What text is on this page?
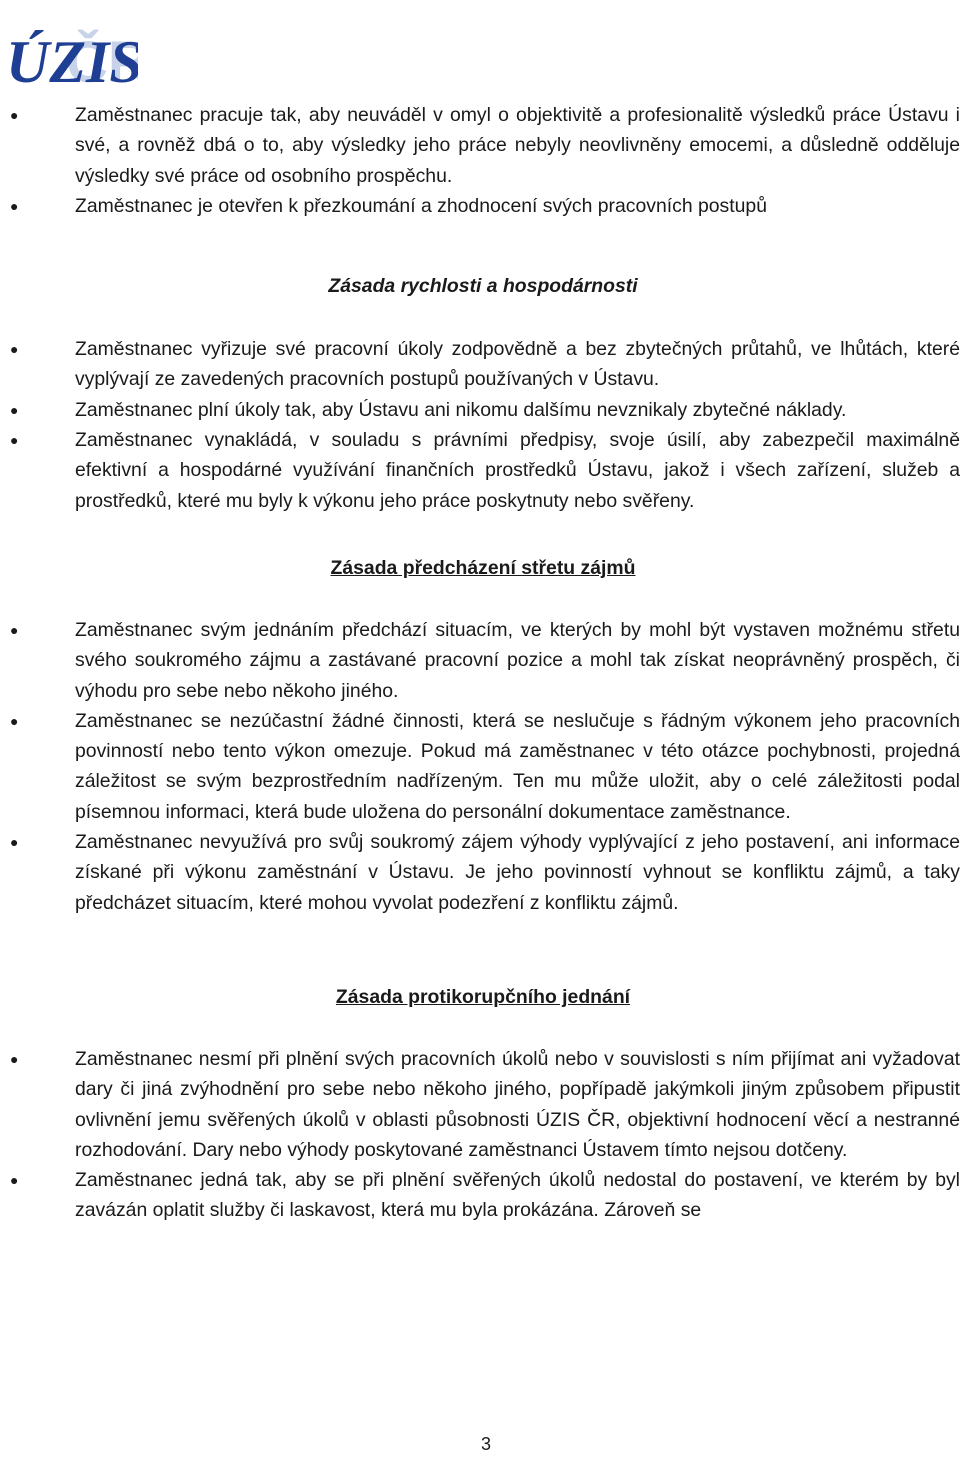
ČR
ÚZIS
●	Zaměstnanec pracuje tak, aby neuváděl v omyl o objektivitě a profesionalitě výsledků práce Ústavu i své, a rovněž dbá o to, aby výsledky jeho práce nebyly neovlivněny emocemi, a důsledně odděluje výsledky své práce od osobního prospěchu.
●	Zaměstnanec je otevřen k přezkoumání a zhodnocení svých pracovních postupů
Zásada rychlosti a hospodárnosti
●	Zaměstnanec vyřizuje své pracovní úkoly zodpovědně a bez zbytečných průtahů, ve lhůtách, které vyplývají ze zavedených pracovních postupů používaných v Ústavu.
●	Zaměstnanec plní úkoly tak, aby Ústavu ani nikomu dalšímu nevznikaly zbytečné náklady.
●	Zaměstnanec vynakládá, v souladu s právními předpisy, svoje úsilí, aby zabezpečil maximálně efektivní a hospodárné využívání finančních prostředků Ústavu, jakož i všech zařízení, služeb a prostředků, které mu byly k výkonu jeho práce poskytnuty nebo svěřeny.
Zásada předcházení střetu zájmů
●	Zaměstnanec svým jednáním předchází situacím, ve kterých by mohl být vystaven možnému střetu svého soukromého zájmu a zastávané pracovní pozice a mohl tak získat neoprávněný prospěch, či výhodu pro sebe nebo někoho jiného.
●	Zaměstnanec se nezúčastní žádné činnosti, která se neslučuje s řádným výkonem jeho pracovních povinností nebo tento výkon omezuje. Pokud má zaměstnanec v této otázce pochybnosti, projedná záležitost se svým bezprostředním nadřízeným. Ten mu může uložit, aby o celé záležitosti podal písemnou informaci, která bude uložena do personální dokumentace zaměstnance.
●	Zaměstnanec nevyužívá pro svůj soukromý zájem výhody vyplývající z jeho postavení, ani informace získané při výkonu zaměstnání v Ústavu. Je jeho povinností vyhnout se konfliktu zájmů, a taky předcházet situacím, které mohou vyvolat podezření z konfliktu zájmů.
Zásada protikorupčního jednání
●	Zaměstnanec nesmí při plnění svých pracovních úkolů nebo v souvislosti s ním přijímat ani vyžadovat dary či jiná zvýhodnění pro sebe nebo někoho jiného, popřípadě jakýmkoli jiným způsobem připustit ovlivnění jemu svěřených úkolů v oblasti působnosti ÚZIS ČR, objektivní hodnocení věcí a nestranné rozhodování. Dary nebo výhody poskytované zaměstnanci Ústavem tímto nejsou dotčeny.
●	Zaměstnanec jedná tak, aby se při plnění svěřených úkolů nedostal do postavení, ve kterém by byl zavázán oplatit služby či laskavost, která mu byla prokázána. Zároveň se
3
